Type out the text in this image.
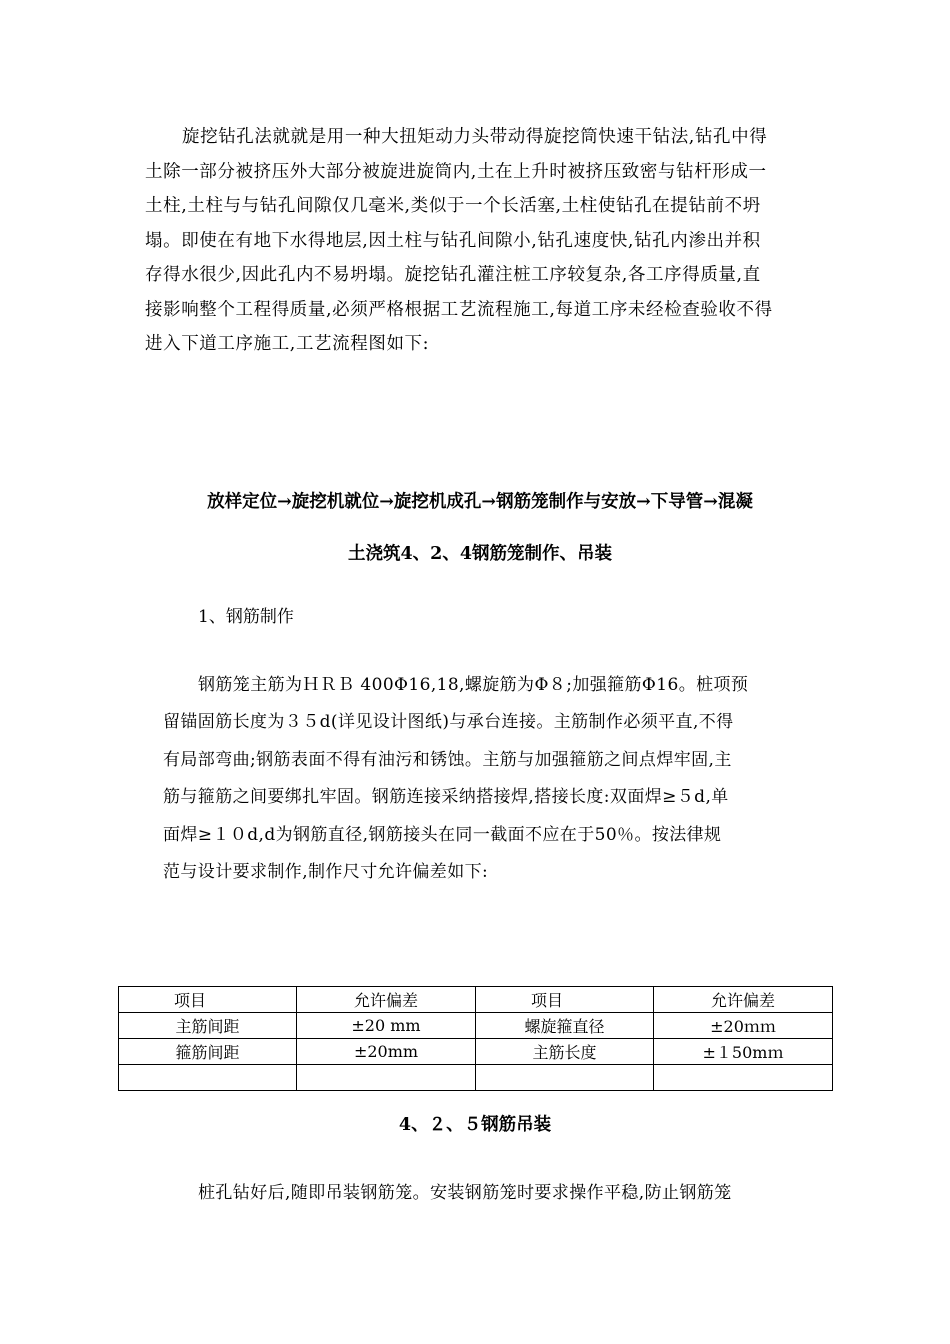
旋挖钻孔法就就是用一种大扭矩动力头带动得旋挖筒快速干钻法,钻孔中得
土除一部分被挤压外大部分被旋进旋筒内,土在上升时被挤压致密与钻杆形成一
土柱,土柱与与钻孔间隙仅几毫米,类似于一个长活塞,土柱使钻孔在提钻前不坍
塌。即使在有地下水得地层,因土柱与钻孔间隙小,钻孔速度快,钻孔内渗出并积
存得水很少,因此孔内不易坍塌。旋挖钻孔灌注桩工序较复杂,各工序得质量,直
接影响整个工程得质量,必须严格根据工艺流程施工,每道工序未经检查验收不得
进入下道工序施工,工艺流程图如下:
放样定位→旋挖机就位→旋挖机成孔→钢筋笼制作与安放→下导管→混凝
土浇筑4、2、4钢筋笼制作、吊装
1、钢筋制作
钢筋笼主筋为ＨＲＢ 400Φ16,18,螺旋筋为Φ８;加强箍筋Φ16。桩项预
留锚固筋长度为３５d(详见设计图纸)与承台连接。主筋制作必须平直,不得
有局部弯曲;钢筋表面不得有油污和锈蚀。主筋与加强箍筋之间点焊牢固,主
筋与箍筋之间要绑扎牢固。钢筋连接采纳搭接焊,搭接长度:双面焊≥５d,单
面焊≥１０d,d为钢筋直径,钢筋接头在同一截面不应在于50％。按法律规
范与设计要求制作,制作尺寸允许偏差如下:
项目	允许偏差	项目	允许偏差
主筋间距	±20 mm	螺旋箍直径	±20ｍｍ
箍筋间距	±20mm	主筋长度	±１50mｍ

4、２、５钢筋吊装
桩孔钻好后,随即吊装钢筋笼。安装钢筋笼时要求操作平稳,防止钢筋笼
